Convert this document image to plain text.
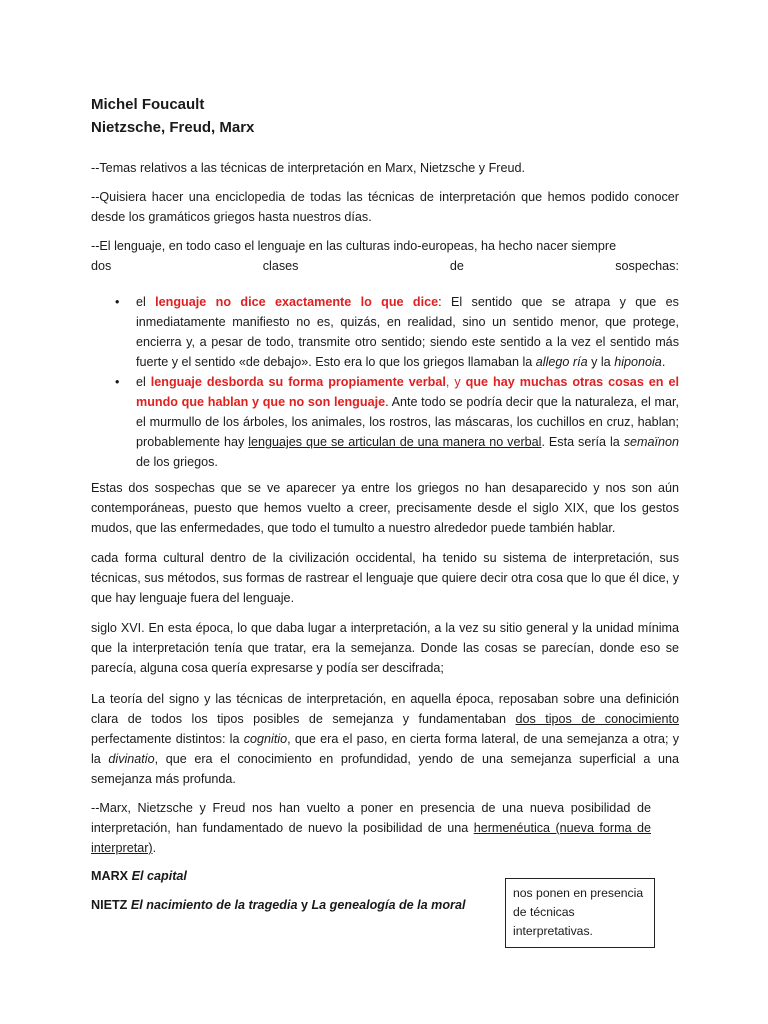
Michel Foucault
Nietzsche, Freud, Marx
--Temas relativos a las técnicas de interpretación en Marx, Nietzsche y Freud.
--Quisiera hacer una enciclopedia de todas las técnicas de interpretación que hemos podido conocer desde los gramáticos griegos hasta nuestros días.
--El lenguaje, en todo caso el lenguaje en las culturas indo-europeas, ha hecho nacer siempre
dos	clases	de	sospechas:
• el lenguaje no dice exactamente lo que dice: El sentido que se atrapa y que es inmediatamente manifiesto no es, quizás, en realidad, sino un sentido menor, que protege, encierra y, a pesar de todo, transmite otro sentido; siendo este sentido a la vez el sentido más fuerte y el sentido «de debajo». Esto era lo que los griegos llamaban la allego ría y la hiponoia.
• el lenguaje desborda su forma propiamente verbal, y que hay muchas otras cosas en el mundo que hablan y que no son lenguaje. Ante todo se podría decir que la naturaleza, el mar, el murmullo de los árboles, los animales, los rostros, las máscaras, los cuchillos en cruz, hablan; probablemente hay lenguajes que se articulan de una manera no verbal. Esta sería la semaïnon de los griegos.
Estas dos sospechas que se ve aparecer ya entre los griegos no han desaparecido y nos son aún contemporáneas, puesto que hemos vuelto a creer, precisamente desde el siglo XIX, que los gestos mudos, que las enfermedades, que todo el tumulto a nuestro alrededor puede también hablar.
cada forma cultural dentro de la civilización occidental, ha tenido su sistema de interpretación, sus técnicas, sus métodos, sus formas de rastrear el lenguaje que quiere decir otra cosa que lo que él dice, y que hay lenguaje fuera del lenguaje.
siglo XVI. En esta época, lo que daba lugar a interpretación, a la vez su sitio general y la unidad mínima que la interpretación tenía que tratar, era la semejanza. Donde las cosas se parecían, donde eso se parecía, alguna cosa quería expresarse y podía ser descifrada;
La teoría del signo y las técnicas de interpretación, en aquella época, reposaban sobre una definición clara de todos los tipos posibles de semejanza y fundamentaban dos tipos de conocimiento perfectamente distintos: la cognitio, que era el paso, en cierta forma lateral, de una semejanza a otra; y la divinatio, que era el conocimiento en profundidad, yendo de una semejanza superficial a una semejanza más profunda.
--Marx, Nietzsche y Freud nos han vuelto a poner en presencia de una nueva posibilidad de interpretación, han fundamentado de nuevo la posibilidad de una hermenéutica (nueva forma de interpretar).
MARX El capital
NIETZ El nacimiento de la tragedia y La genealogía de la moral
nos ponen en presencia de técnicas interpretativas.
